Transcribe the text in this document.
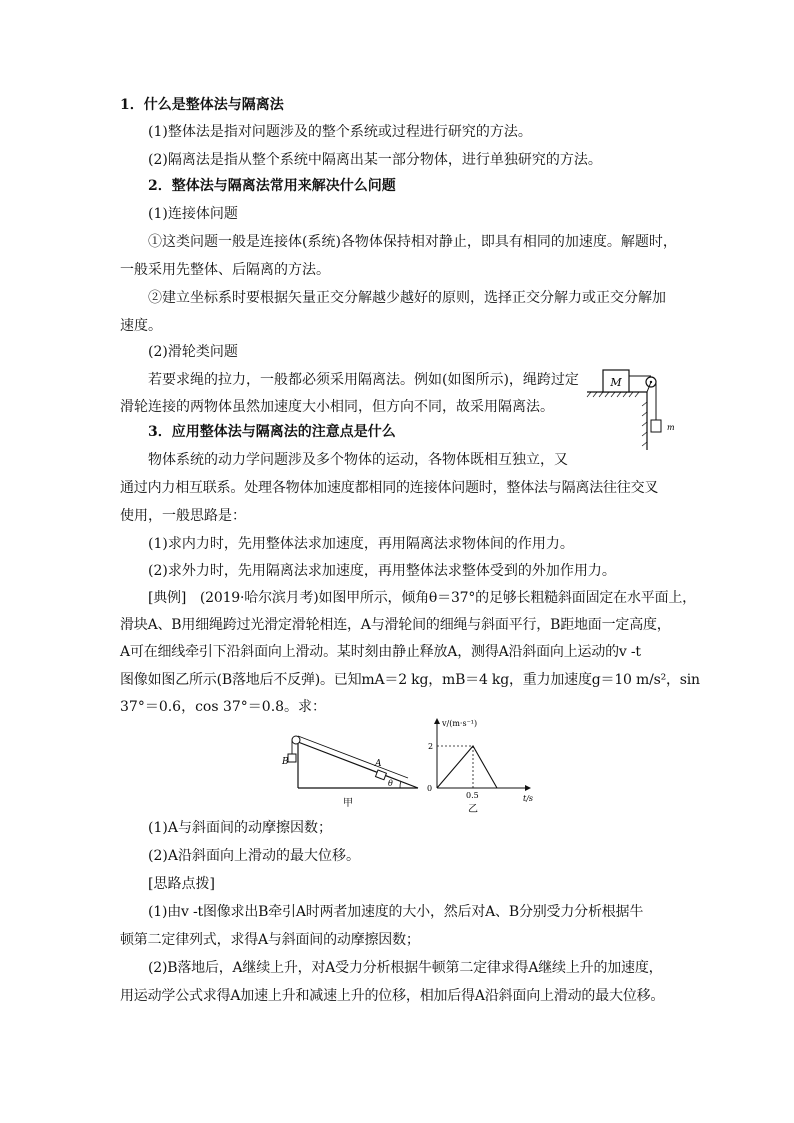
1．什么是整体法与隔离法
(1)整体法是指对问题涉及的整个系统或过程进行研究的方法。
(2)隔离法是指从整个系统中隔离出某一部分物体，进行单独研究的方法。
2．整体法与隔离法常用来解决什么问题
(1)连接体问题
①这类问题一般是连接体(系统)各物体保持相对静止，即具有相同的加速度。解题时，
一般采用先整体、后隔离的方法。
②建立坐标系时要根据矢量正交分解越少越好的原则，选择正交分解力或正交分解加
速度。
(2)滑轮类问题
若要求绳的拉力，一般都必须采用隔离法。例如(如图所示)，绳跨过定
滑轮连接的两物体虽然加速度大小相同，但方向不同，故采用隔离法。
3．应用整体法与隔离法的注意点是什么
物体系统的动力学问题涉及多个物体的运动，各物体既相互独立，又
通过内力相互联系。处理各物体加速度都相同的连接体问题时，整体法与隔离法往往交叉
使用，一般思路是：
(1)求内力时，先用整体法求加速度，再用隔离法求物体间的作用力。
(2)求外力时，先用隔离法求加速度，再用整体法求整体受到的外加作用力。
[典例]　(2019·哈尔滨月考)如图甲所示，倾角θ＝37°的足够长粗糙斜面固定在水平面上，
滑块A、B用细绳跨过光滑定滑轮相连，A与滑轮间的细绳与斜面平行，B距地面一定高度，
A可在细线牵引下沿斜面向上滑动。某时刻由静止释放A，测得A沿斜面向上运动的v -t
图像如图乙所示(B落地后不反弹)。已知mA＝2 kg，mB＝4 kg，重力加速度g＝10 m/s²，sin
37°＝0.6，cos 37°＝0.8。求：
(1)A与斜面间的动摩擦因数；
(2)A沿斜面向上滑动的最大位移。
[思路点拨]
(1)由v -t图像求出B牵引A时两者加速度的大小，然后对A、B分别受力分析根据牛
顿第二定律列式，求得A与斜面间的动摩擦因数；
(2)B落地后，A继续上升，对A受力分析根据牛顿第二定律求得A继续上升的加速度，
用运动学公式求得A加速上升和减速上升的位移，相加后得A沿斜面向上滑动的最大位移。
M
m
B	A
θ
甲
v/(m·s⁻¹)
t/s
0
2
0.5
乙
